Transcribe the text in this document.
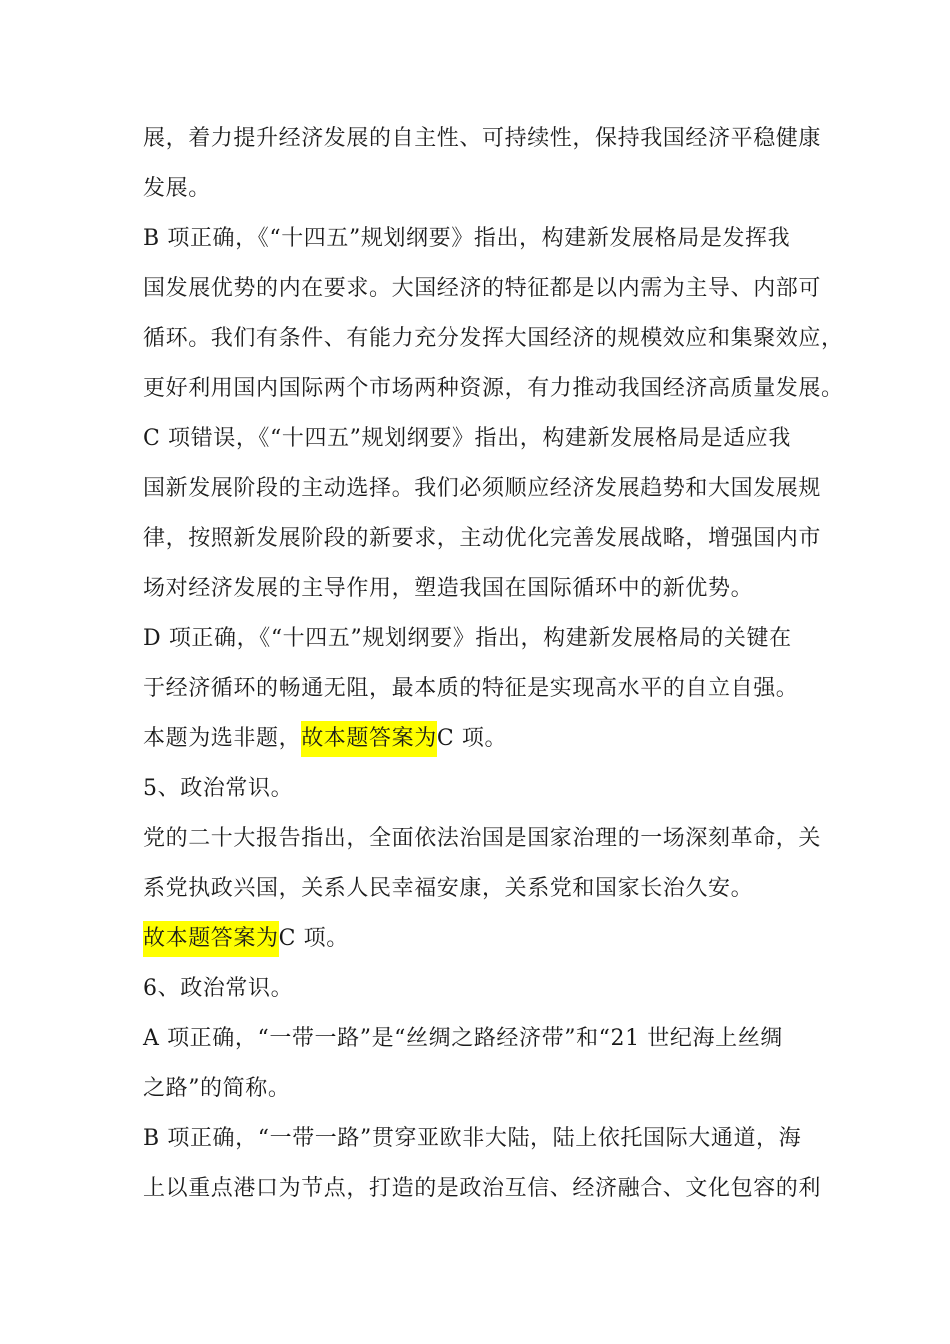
展，着力提升经济发展的自主性、可持续性，保持我国经济平稳健康
发展。
B 项正确，《“十四五”规划纲要》指出，构建新发展格局是发挥我
国发展优势的内在要求。大国经济的特征都是以内需为主导、内部可
循环。我们有条件、有能力充分发挥大国经济的规模效应和集聚效应，
更好利用国内国际两个市场两种资源，有力推动我国经济高质量发展。
C 项错误，《“十四五”规划纲要》指出，构建新发展格局是适应我
国新发展阶段的主动选择。我们必须顺应经济发展趋势和大国发展规
律，按照新发展阶段的新要求，主动优化完善发展战略，增强国内市
场对经济发展的主导作用，塑造我国在国际循环中的新优势。
D 项正确，《“十四五”规划纲要》指出，构建新发展格局的关键在
于经济循环的畅通无阻，最本质的特征是实现高水平的自立自强。
本题为选非题，故本题答案为C 项。
5、政治常识。
党的二十大报告指出，全面依法治国是国家治理的一场深刻革命，关
系党执政兴国，关系人民幸福安康，关系党和国家长治久安。
故本题答案为C 项。
6、政治常识。
A 项正确，“一带一路”是“丝绸之路经济带”和“21 世纪海上丝绸
之路”的简称。
B 项正确，“一带一路”贯穿亚欧非大陆，陆上依托国际大通道，海
上以重点港口为节点，打造的是政治互信、经济融合、文化包容的利
